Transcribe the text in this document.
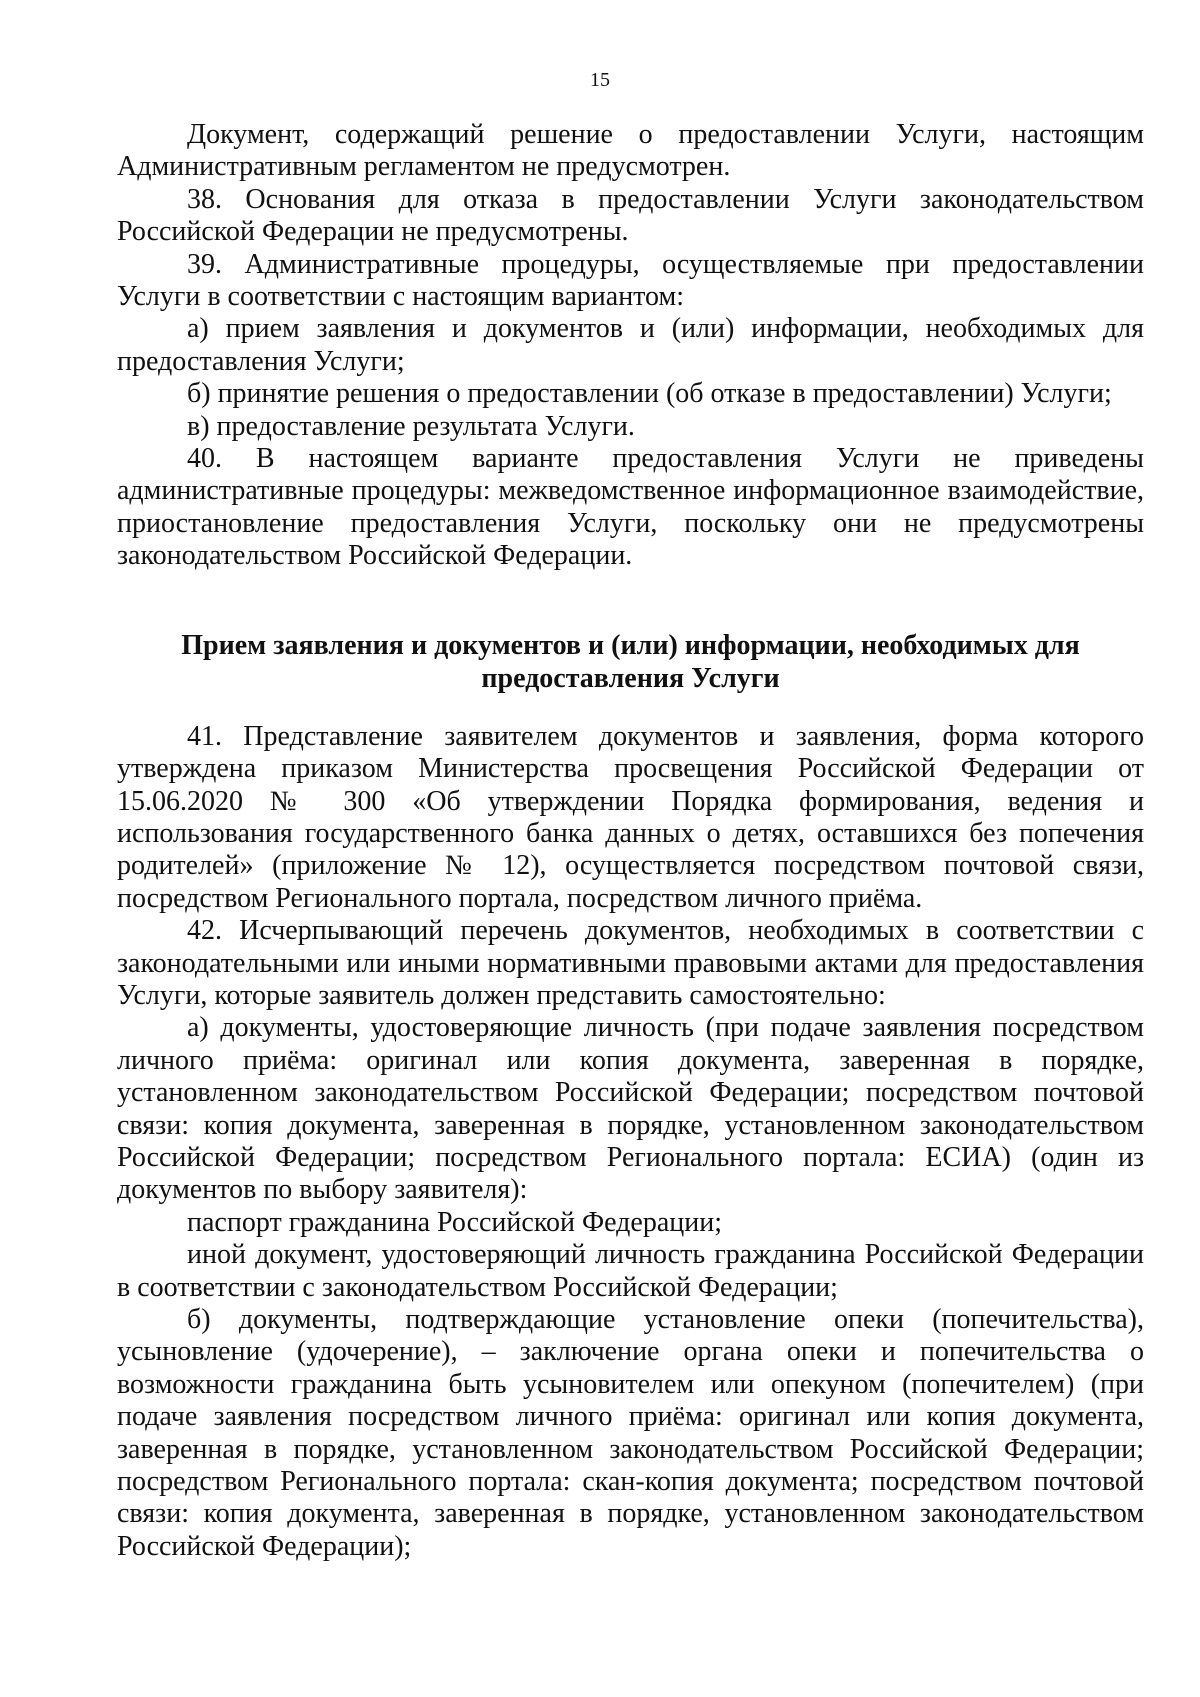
15

Документ, содержащий решение о предоставлении Услуги, настоящим Административным регламентом не предусмотрен.

38. Основания для отказа в предоставлении Услуги законодательством Российской Федерации не предусмотрены.

39. Административные процедуры, осуществляемые при предоставлении Услуги в соответствии с настоящим вариантом:

а) прием заявления и документов и (или) информации, необходимых для предоставления Услуги;

б) принятие решения о предоставлении (об отказе в предоставлении) Услуги;

в) предоставление результата Услуги.

40. В настоящем варианте предоставления Услуги не приведены административные процедуры: межведомственное информационное взаимодействие, приостановление предоставления Услуги, поскольку они не предусмотрены законодательством Российской Федерации.

Прием заявления и документов и (или) информации, необходимых для
предоставления Услуги

41. Представление заявителем документов и заявления, форма которого утверждена приказом Министерства просвещения Российской Федерации от 15.06.2020 № 300 «Об утверждении Порядка формирования, ведения и использования государственного банка данных о детях, оставшихся без попечения родителей» (приложение № 12), осуществляется посредством почтовой связи, посредством Регионального портала, посредством личного приёма.

42. Исчерпывающий перечень документов, необходимых в соответствии с законодательными или иными нормативными правовыми актами для предоставления Услуги, которые заявитель должен представить самостоятельно:

а) документы, удостоверяющие личность (при подаче заявления посредством личного приёма: оригинал или копия документа, заверенная в порядке, установленном законодательством Российской Федерации; посредством почтовой связи: копия документа, заверенная в порядке, установленном законодательством Российской Федерации; посредством Регионального портала: ЕСИА) (один из документов по выбору заявителя):

паспорт гражданина Российской Федерации;

иной документ, удостоверяющий личность гражданина Российской Федерации в соответствии с законодательством Российской Федерации;

б) документы, подтверждающие установление опеки (попечительства), усыновление (удочерение), – заключение органа опеки и попечительства о возможности гражданина быть усыновителем или опекуном (попечителем) (при подаче заявления посредством личного приёма: оригинал или копия документа, заверенная в порядке, установленном законодательством Российской Федерации; посредством Регионального портала: скан-копия документа; посредством почтовой связи: копия документа, заверенная в порядке, установленном законодательством Российской Федерации);
